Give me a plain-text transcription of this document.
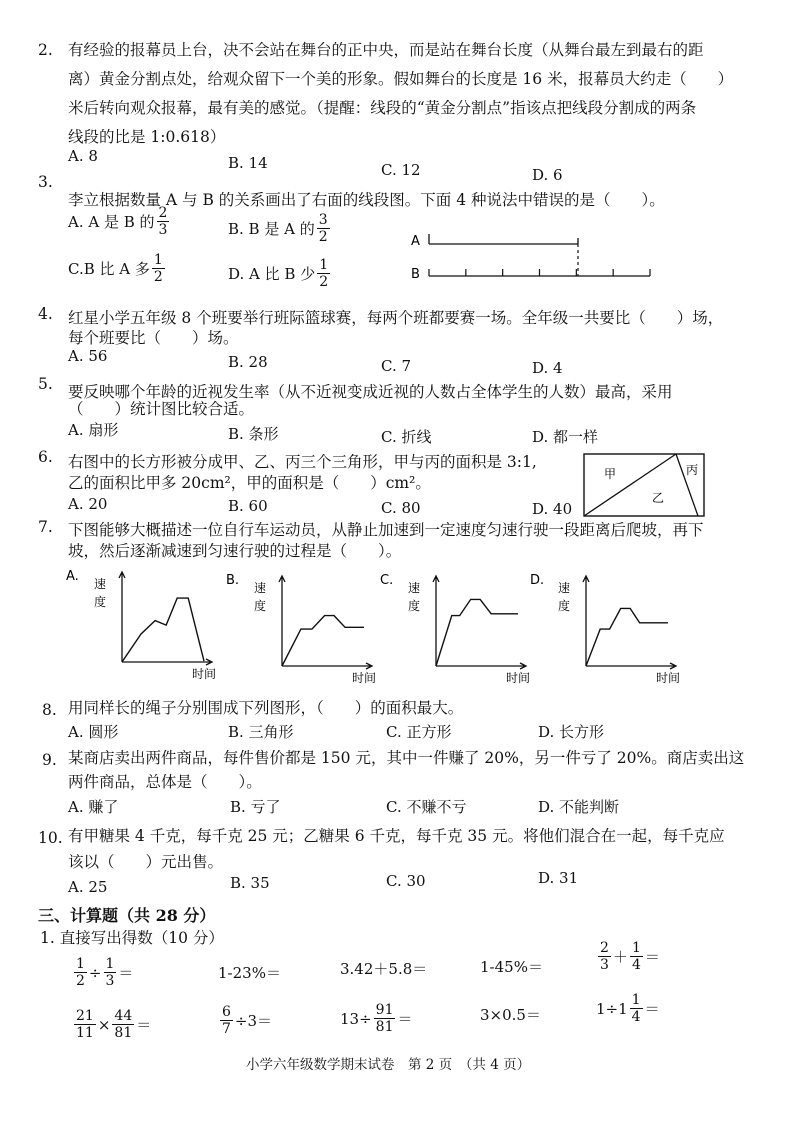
2. 有经验的报幕员上台，决不会站在舞台的正中央，而是站在舞台长度（从舞台最左到最右的距
离）黄金分割点处，给观众留下一个美的形象。假如舞台的长度是 16 米，报幕员大约走（　　）
米后转向观众报幕，最有美的感觉。（提醒：线段的“黄金分割点”指该点把线段分割成的两条
线段的比是 1:0.618）
A. 8	B. 14	C. 12	D. 6
3.
李立根据数量 A 与 B 的关系画出了右面的线段图。下面 4 种说法中错误的是（　　）。
A. A 是 B 的 $\frac{2}{3}$	B. B 是 A 的 $\frac{3}{2}$
C.B 比 A 多 $\frac{1}{2}$	D. A 比 B 少 $\frac{1}{2}$
A
B
4. 红星小学五年级 8 个班要举行班际篮球赛，每两个班都要赛一场。全年级一共要比（　　）场，
每个班要比（　　）场。
A. 56	B. 28	C. 7	D. 4
5. 要反映哪个年龄的近视发生率（从不近视变成近视的人数占全体学生的人数）最高，采用
（　　）统计图比较合适。
A. 扇形	B. 条形	C. 折线	D. 都一样
6. 右图中的长方形被分成甲、乙、丙三个三角形，甲与丙的面积是 3:1,
乙的面积比甲多 20cm²，甲的面积是（　　）cm²。
A. 20	B. 60	C. 80	D. 40
甲
乙
丙
7. 下图能够大概描述一位自行车运动员，从静止加速到一定速度匀速行驶一段距离后爬坡，再下
坡，然后逐渐减速到匀速行驶的过程是（　　）。
A. 速
度
时间
B. 速
度
时间
C. 速
度
时间
D. 速
度
时间
8. 用同样长的绳子分别围成下列图形，（　　）的面积最大。
A. 圆形	B. 三角形	C. 正方形	D. 长方形
9. 某商店卖出两件商品，每件售价都是 150 元，其中一件赚了 20%，另一件亏了 20%。商店卖出这
两件商品，总体是（　　）。
A. 赚了	B. 亏了	C. 不赚不亏	D. 不能判断
10. 有甲糖果 4 千克，每千克 25 元；乙糖果 6 千克，每千克 35 元。将他们混合在一起，每千克应
该以（　　）元出售。
A. 25	B. 35	C. 30	D. 31
三、计算题（共 28 分）
1. 直接写出得数（10 分）
$\frac{1}{2} \div \frac{1}{3}$ ＝	1-23%＝	3.42＋5.8＝	1-45%＝	$\frac{2}{3} + \frac{1}{4}$ ＝
$\frac{21}{11} \times \frac{44}{81}$ ＝	$\frac{6}{7} \div 3=$	$13\div \frac{91}{81}$ ＝	3×0.5＝	$1\div 1 \frac{1}{4}$ ＝
小学六年级数学期末试卷　第 2 页　（共 4 页）
